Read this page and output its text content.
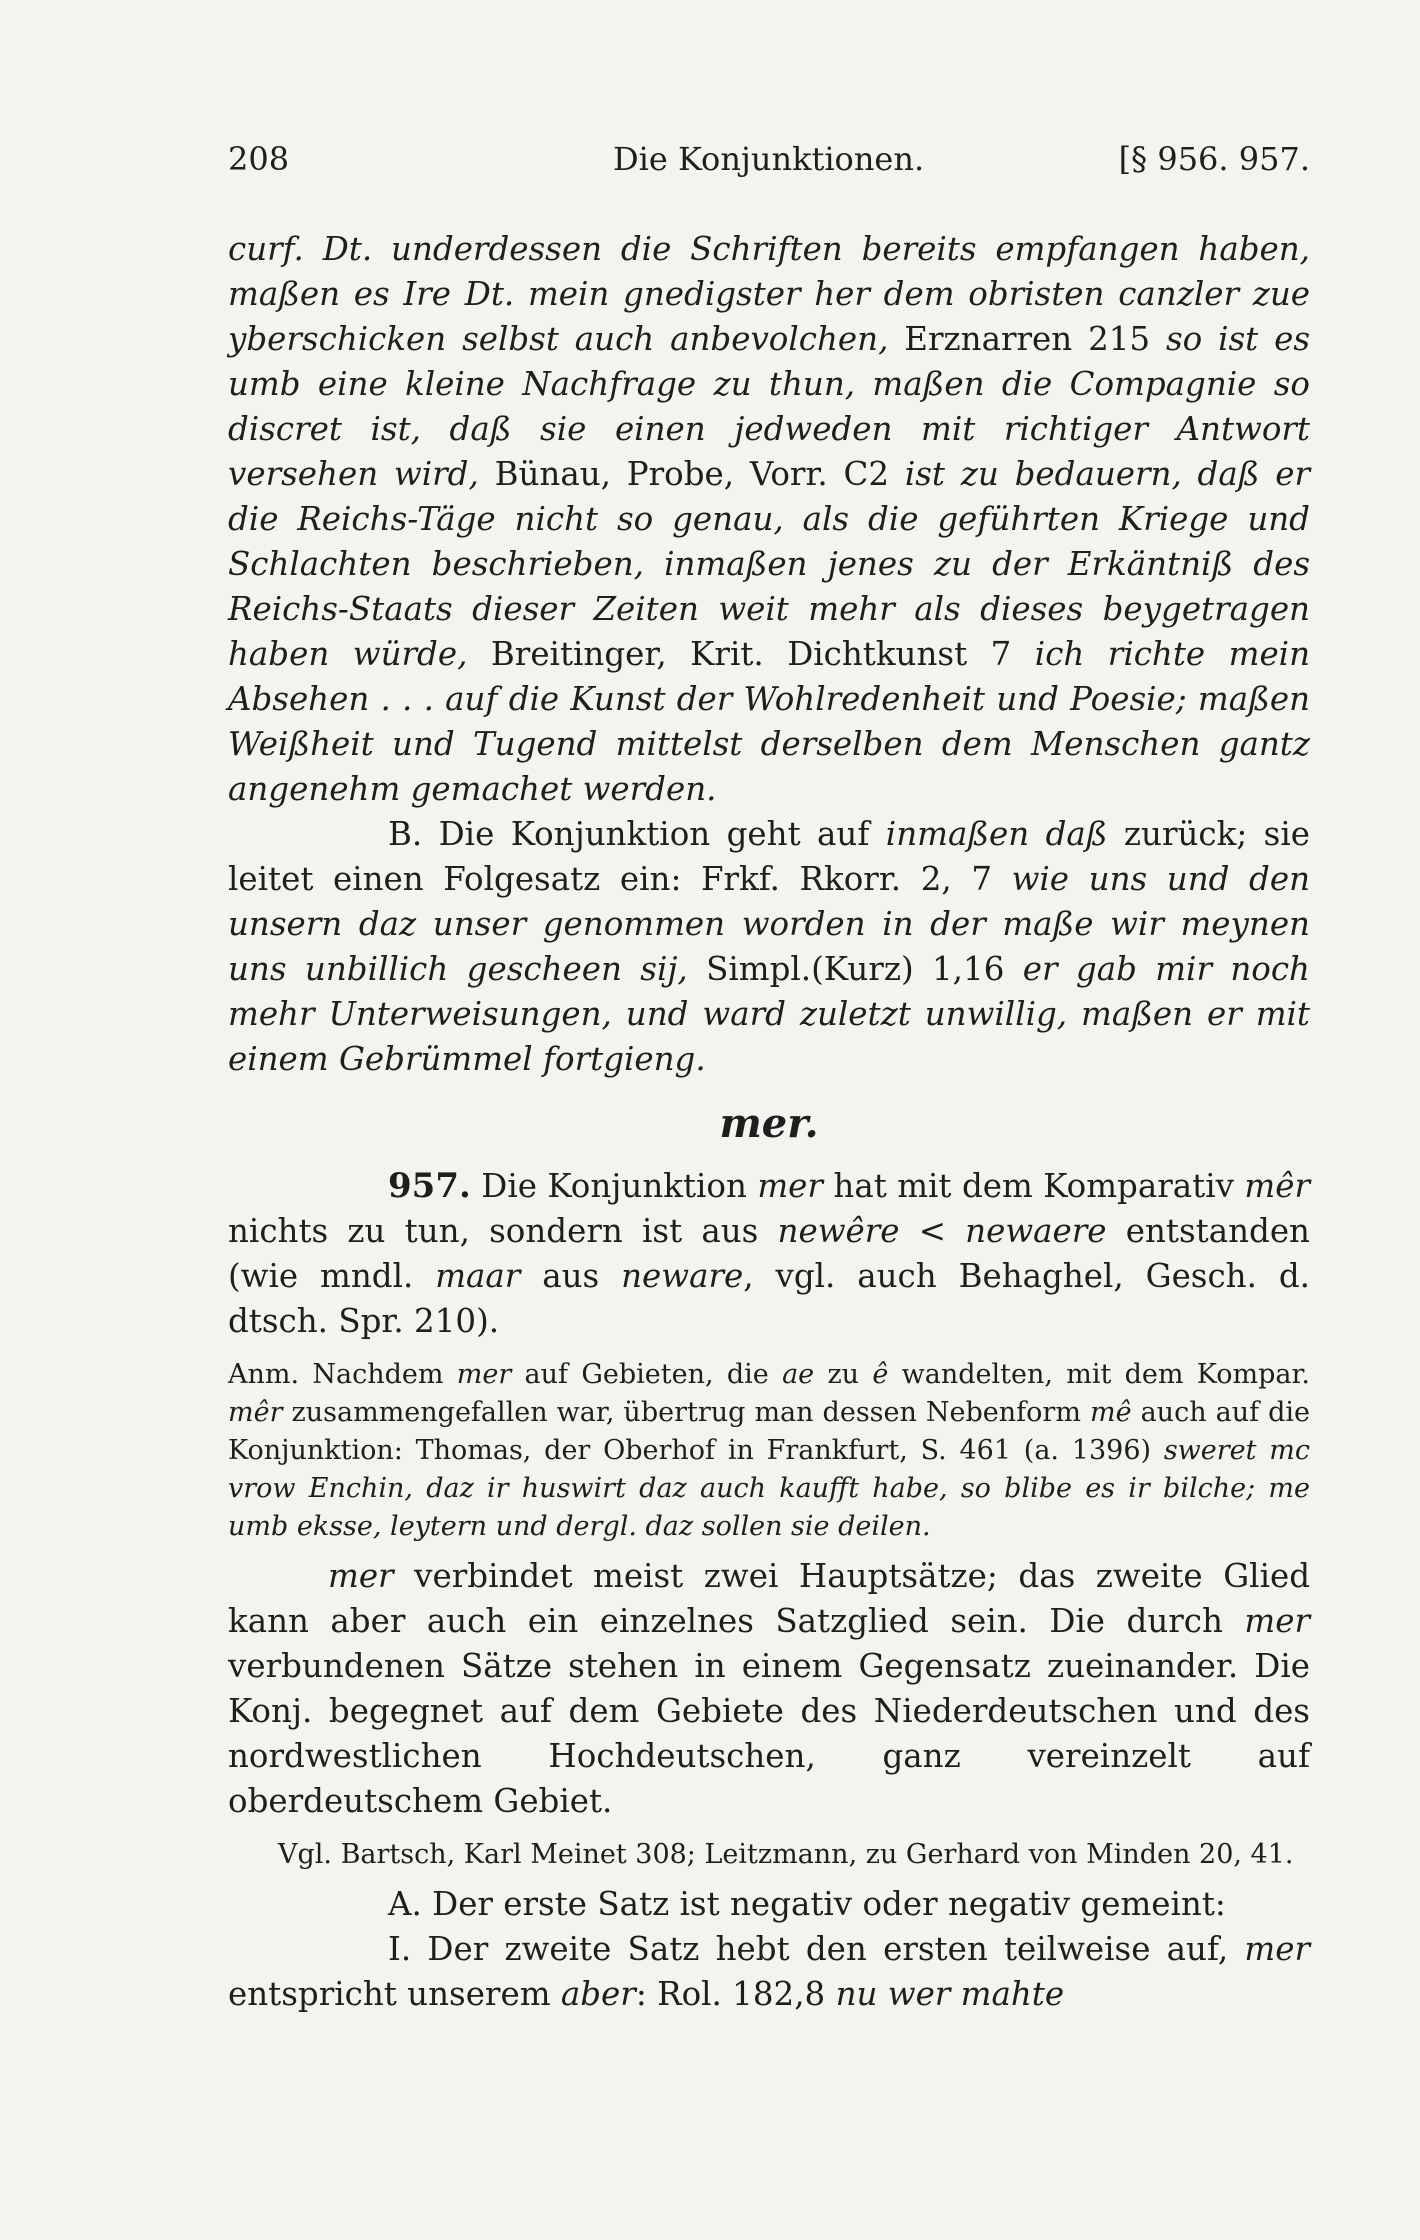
208	Die Konjunktionen.	[§ 956. 957.

curf. Dt. underdessen die Schriften bereits empfangen haben, maßen es Ire Dt. mein gnedigster her dem obristen canzler zue yberschicken selbst auch anbevolchen, Erznarren 215 so ist es umb eine kleine Nachfrage zu thun, maßen die Compagnie so discret ist, daß sie einen jedweden mit richtiger Antwort versehen wird, Bünau, Probe, Vorr. C2 ist zu bedauern, daß er die Reichs-Täge nicht so genau, als die geführten Kriege und Schlachten beschrieben, inmaßen jenes zu der Erkäntniß des Reichs-Staats dieser Zeiten weit mehr als dieses beygetragen haben würde, Breitinger, Krit. Dichtkunst 7 ich richte mein Absehen . . . auf die Kunst der Wohlredenheit und Poesie; maßen Weißheit und Tugend mittelst derselben dem Menschen gantz angenehm gemachet werden.

B. Die Konjunktion geht auf inmaßen daß zurück; sie leitet einen Folgesatz ein: Frkf. Rkorr. 2, 7 wie uns und den unsern daz unser genommen worden in der maße wir meynen uns unbillich gescheen sij, Simpl.(Kurz) 1,16 er gab mir noch mehr Unterweisungen, und ward zuletzt unwillig, maßen er mit einem Gebrümmel fortgieng.

mer.

957. Die Konjunktion mer hat mit dem Komparativ mêr nichts zu tun, sondern ist aus newêre < newaere entstanden (wie mndl. maar aus neware, vgl. auch Behaghel, Gesch. d. dtsch. Spr. 210).

Anm. Nachdem mer auf Gebieten, die ae zu ê wandelten, mit dem Kompar. mêr zusammengefallen war, übertrug man dessen Nebenform mê auch auf die Konjunktion: Thomas, der Oberhof in Frankfurt, S. 461 (a. 1396) sweret mc vrow Enchin, daz ir huswirt daz auch kaufft habe, so blibe es ir bilche; me umb eksse, leytern und dergl. daz sollen sie deilen.

mer verbindet meist zwei Hauptsätze; das zweite Glied kann aber auch ein einzelnes Satzglied sein. Die durch mer verbundenen Sätze stehen in einem Gegensatz zueinander. Die Konj. begegnet auf dem Gebiete des Niederdeutschen und des nordwestlichen Hochdeutschen, ganz vereinzelt auf oberdeutschem Gebiet.

Vgl. Bartsch, Karl Meinet 308; Leitzmann, zu Gerhard von Minden 20, 41.

A. Der erste Satz ist negativ oder negativ gemeint:

I. Der zweite Satz hebt den ersten teilweise auf, mer entspricht unserem aber: Rol. 182,8 nu wer mahte
